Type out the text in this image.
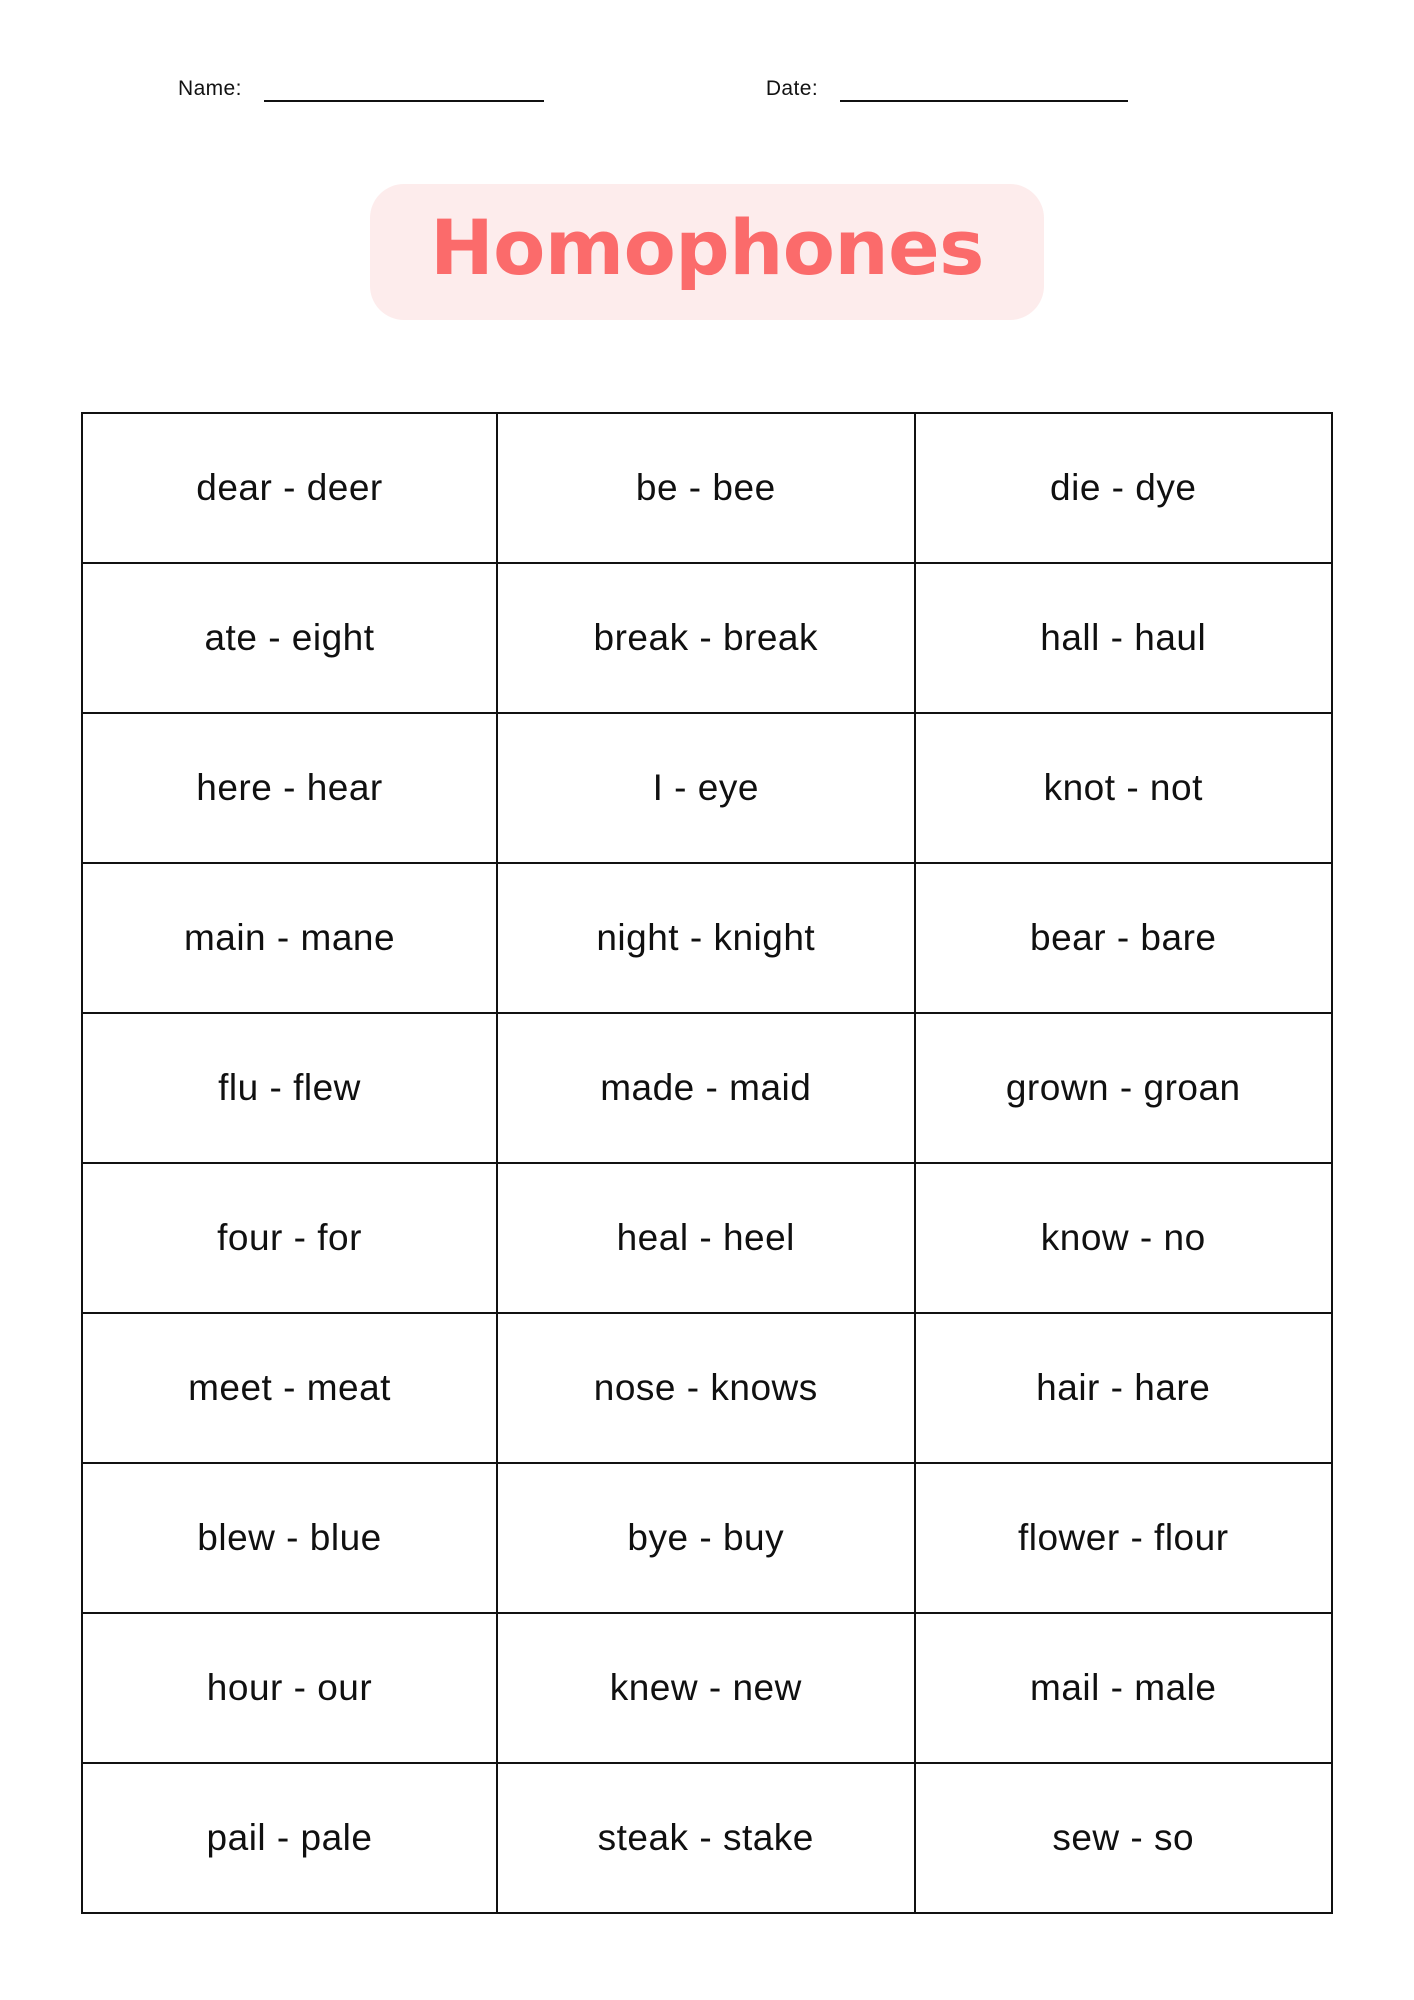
Name:	Date:
Homophones
dear - deer	be - bee	die - dye
ate - eight	break - break	hall - haul
here - hear	I - eye	knot - not
main - mane	night - knight	bear - bare
flu - flew	made - maid	grown - groan
four - for	heal - heel	know - no
meet - meat	nose - knows	hair - hare
blew - blue	bye - buy	flower - flour
hour - our	knew - new	mail - male
pail - pale	steak - stake	sew - so
